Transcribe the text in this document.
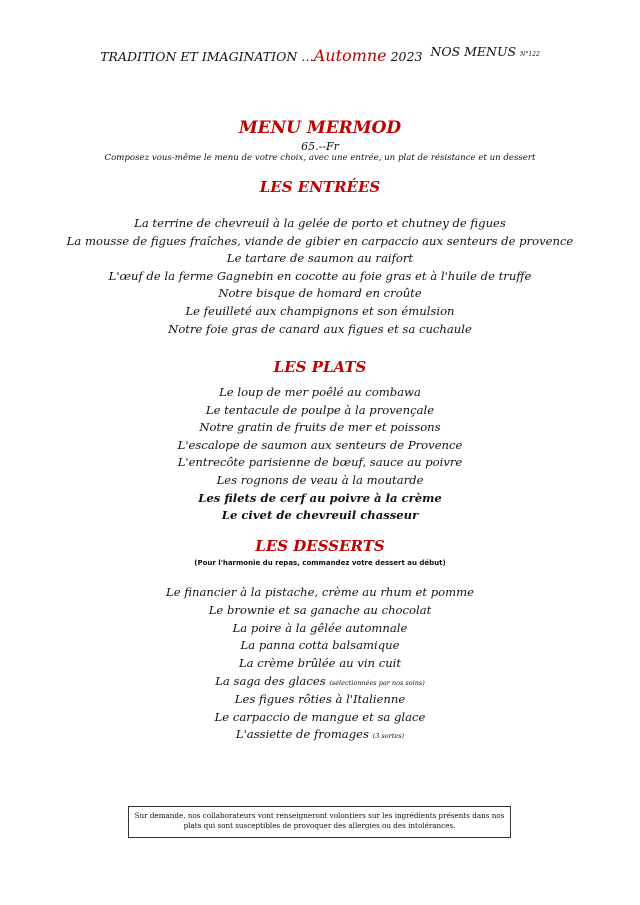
TRADITION ET IMAGINATION …Automne 2023 NOS MENUS N°122
MENU MERMOD
65.--Fr
Composez vous-même le menu de votre choix, avec une entrée, un plat de résistance et un dessert
LES ENTRÉES
La terrine de chevreuil à la gelée de porto et chutney de figues
La mousse de figues fraîches, viande de gibier en carpaccio aux senteurs de provence
Le tartare de saumon au raifort
L'œuf de la ferme Gagnebin en cocotte au foie gras et à l'huile de truffe
Notre bisque de homard en croûte
Le feuilleté aux champignons et son émulsion
Notre foie gras de canard aux figues et sa cuchaule
LES PLATS
Le loup de mer poêlé au combawa
Le tentacule de poulpe à la provençale
Notre gratin de fruits de mer et poissons
L'escalope de saumon aux senteurs de Provence
L'entrecôte parisienne de bœuf, sauce au poivre
Les rognons de veau à la moutarde
Les filets de cerf au poivre à la crème
Le civet de chevreuil chasseur
LES DESSERTS
(Pour l'harmonie du repas, commandez votre dessert au début)
Le financier à la pistache, crème au rhum et pomme
Le brownie et sa ganache au chocolat
La poire à la gêlée automnale
La panna cotta balsamique
La crème brûlée au vin cuit
La saga des glaces (sélectionnées par nos soins)
Les figues rôties à l'Italienne
Le carpaccio de mangue et sa glace
L'assiette de fromages (3 sortes)
Sur demande, nos collaborateurs vont renseigneront volontiers sur les ingrédients présents dans nos
plats qui sont susceptibles de provoquer des allergies ou des intolérances.
